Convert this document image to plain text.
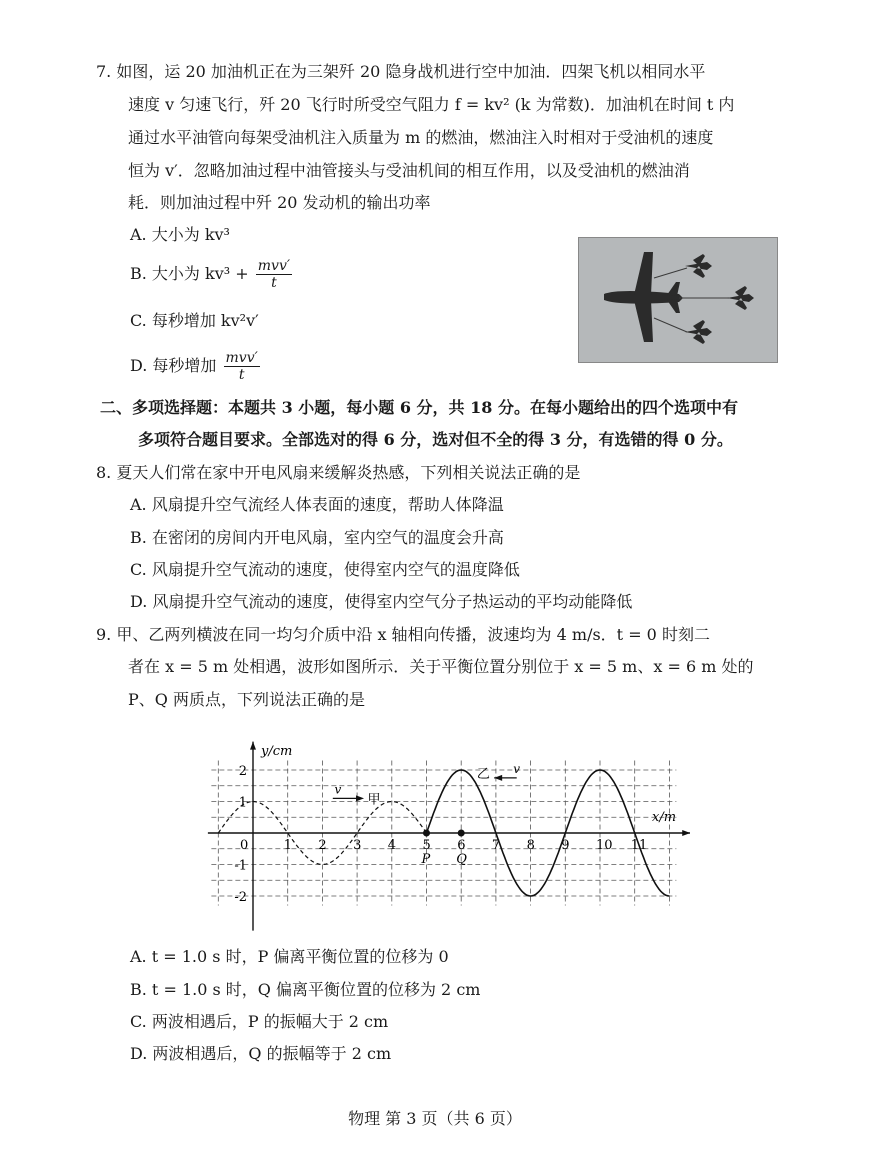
7. 如图，运 20 加油机正在为三架歼 20 隐身战机进行空中加油．四架飞机以相同水平
速度 v 匀速飞行，歼 20 飞行时所受空气阻力 f = kv² (k 为常数)．加油机在时间 t 内
通过水平油管向每架受油机注入质量为 m 的燃油，燃油注入时相对于受油机的速度
恒为 v′．忽略加油过程中油管接头与受油机间的相互作用，以及受油机的燃油消
耗．则加油过程中歼 20 发动机的输出功率
A. 大小为 kv³
B. 大小为 $kv^3 + \frac{\text{mvv′}}{t}$
C. 每秒增加 kv²v′
D. 每秒增加 $\frac{\text{mvv′}}{t}$
二、多项选择题：本题共 3 小题，每小题 6 分，共 18 分。在每小题给出的四个选项中有
多项符合题目要求。全部选对的得 6 分，选对但不全的得 3 分，有选错的得 0 分。
8. 夏天人们常在家中开电风扇来缓解炎热感，下列相关说法正确的是
A. 风扇提升空气流经人体表面的速度，帮助人体降温
B. 在密闭的房间内开电风扇，室内空气的温度会升高
C. 风扇提升空气流动的速度，使得室内空气的温度降低
D. 风扇提升空气流动的速度，使得室内空气分子热运动的平均动能降低
9. 甲、乙两列横波在同一均匀介质中沿 x 轴相向传播，波速均为 4 m/s．t = 0 时刻二
者在 x = 5 m 处相遇，波形如图所示．关于平衡位置分别位于 x = 5 m、x = 6 m 处的
P、Q 两质点，下列说法正确的是
y/cm
x/m
0	1 2 3 4 5 6 7 8 9 10 11
2
1
-1
-2
P Q
v
甲
乙 v
A. t = 1.0 s 时，P 偏离平衡位置的位移为 0
B. t = 1.0 s 时，Q 偏离平衡位置的位移为 2 cm
C. 两波相遇后，P 的振幅大于 2 cm
D. 两波相遇后，Q 的振幅等于 2 cm
物理 第 3 页（共 6 页）
